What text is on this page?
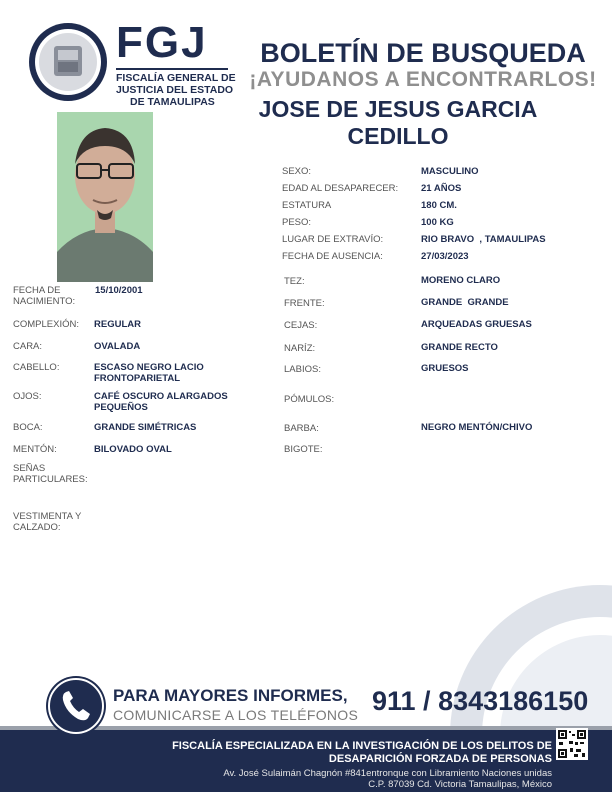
FGJ
FISCALÍA GENERAL DE
JUSTICIA DEL ESTADO
DE TAMAULIPAS
BOLETÍN DE BUSQUEDA
¡AYUDANOS A ENCONTRARLOS!
JOSE DE JESUS GARCIA CEDILLO
FECHA DE NACIMIENTO:
15/10/2001
COMPLEXIÓN: REGULAR
CARA:	OVALADA
CABELLO:	ESCASO NEGRO LACIO FRONTOPARIETAL
OJOS:	CAFÉ OSCURO ALARGADOS PEQUEÑOS
BOCA:	GRANDE SIMÉTRICAS
MENTÓN:	BILOVADO OVAL
SEÑAS PARTICULARES:
VESTIMENTA Y CALZADO:
SEXO:	MASCULINO
EDAD AL DESAPARECER: 21 AÑOS
ESTATURA	180 CM.
PESO:	100 KG
LUGAR DE EXTRAVÍO:	RIO BRAVO  , TAMAULIPAS
FECHA DE AUSENCIA:	27/03/2023
TEZ:	MORENO CLARO
FRENTE:	GRANDE  GRANDE
CEJAS:	ARQUEADAS GRUESAS
NARÍZ:	GRANDE RECTO
LABIOS:	GRUESOS
PÓMULOS:
BARBA:	NEGRO MENTÓN/CHIVO
BIGOTE:
PARA MAYORES INFORMES,
COMUNICARSE A LOS TELÉFONOS 911 / 8343186150
FISCALÍA ESPECIALIZADA EN LA INVESTIGACIÓN DE LOS DELITOS DE
DESAPARICIÓN FORZADA DE PERSONAS
Av. José Sulaimán Chagnón #841entronque con Libramiento Naciones unidas
C.P. 87039 Cd. Victoria Tamaulipas, México
